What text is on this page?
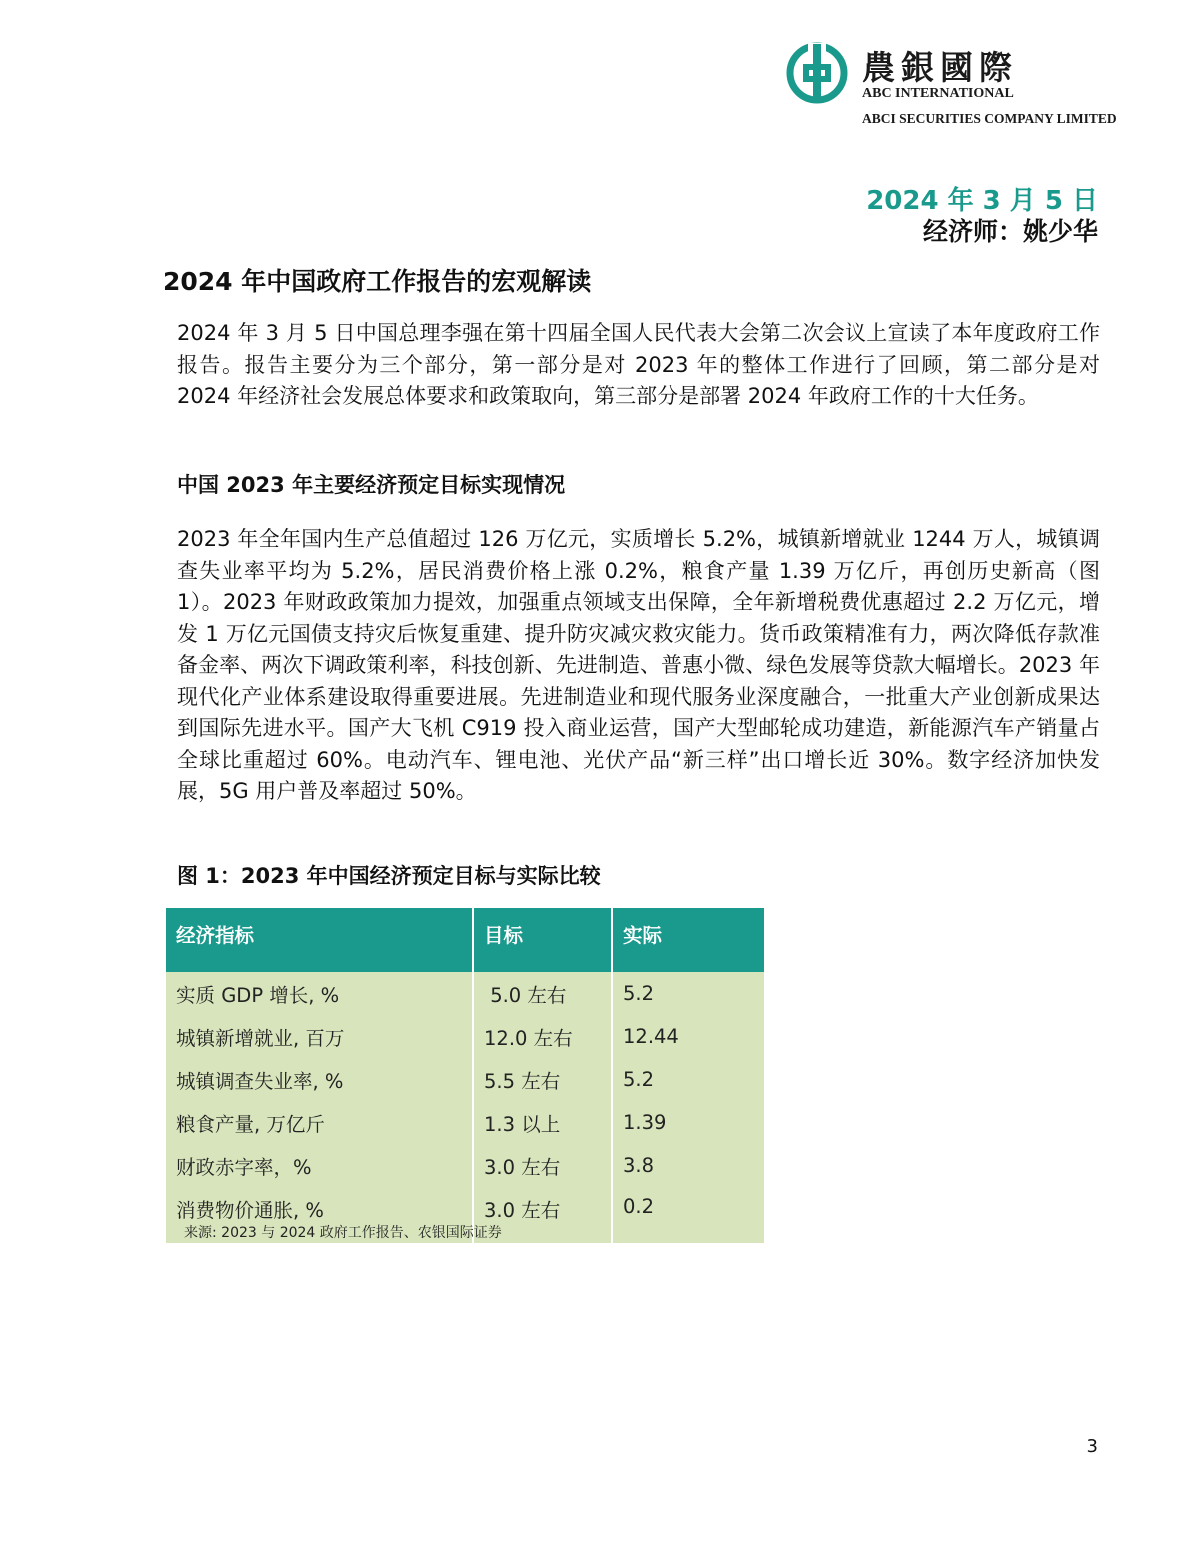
農銀國際
ABC INTERNATIONAL
ABCI SECURITIES COMPANY LIMITED
2024 年 3 月 5 日
经济师：姚少华
2024 年中国政府工作报告的宏观解读

2024 年 3 月 5 日中国总理李强在第十四届全国人民代表大会第二次会议上宣读了本年度政府工作报告。报告主要分为三个部分，第一部分是对 2023 年的整体工作进行了回顾，第二部分是对 2024 年经济社会发展总体要求和政策取向，第三部分是部署 2024 年政府工作的十大任务。

中国 2023 年主要经济预定目标实现情况

2023 年全年国内生产总值超过 126 万亿元，实质增长 5.2%，城镇新增就业 1244 万人，城镇调查失业率平均为 5.2%，居民消费价格上涨 0.2%，粮食产量 1.39 万亿斤，再创历史新高（图 1）。2023 年财政政策加力提效，加强重点领域支出保障，全年新增税费优惠超过 2.2 万亿元，增发 1 万亿元国债支持灾后恢复重建、提升防灾减灾救灾能力。货币政策精准有力，两次降低存款准备金率、两次下调政策利率，科技创新、先进制造、普惠小微、绿色发展等贷款大幅增长。2023 年现代化产业体系建设取得重要进展。先进制造业和现代服务业深度融合，一批重大产业创新成果达到国际先进水平。国产大飞机 C919 投入商业运营，国产大型邮轮成功建造，新能源汽车产销量占全球比重超过 60%。电动汽车、锂电池、光伏产品“新三样”出口增长近 30%。数字经济加快发展，5G 用户普及率超过 50%。

图 1：2023 年中国经济预定目标与实际比较
经济指标	目标	实际
实质 GDP 增长, %	5.0 左右	5.2
城镇新增就业, 百万	12.0 左右	12.44
城镇调查失业率, %	5.5 左右	5.2
粮食产量, 万亿斤	1.3 以上	1.39
财政赤字率，%	3.0 左右	3.8
消费物价通胀, %	3.0 左右	0.2
来源: 2023 与 2024 政府工作报告、农银国际证券
3
